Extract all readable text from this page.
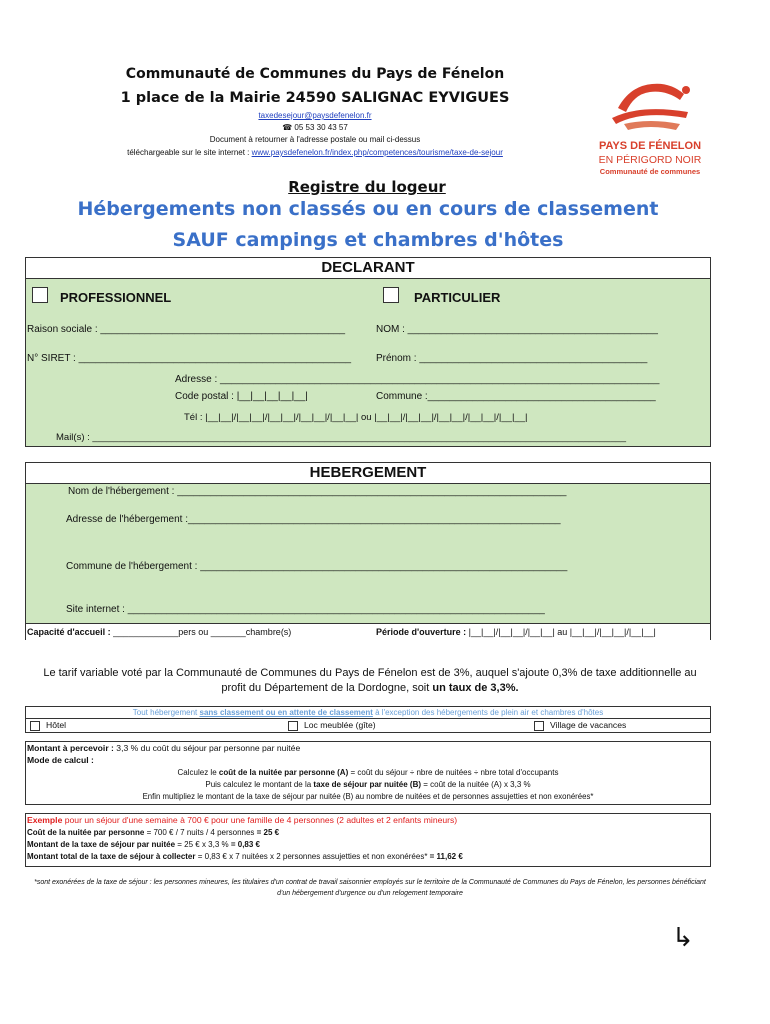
Communauté de Communes du Pays de Fénelon
1 place de la Mairie 24590 SALIGNAC EYVIGUES
taxedesejour@paysdefenelon.fr
☎ 05 53 30 43 57
Document à retourner à l'adresse postale ou mail ci-dessus
téléchargeable sur le site internet : www.paysdefenelon.fr/index.php/competences/tourisme/taxe-de-sejour
PAYS DE FÉNELON
EN PÉRIGORD NOIR
Communauté de communes
Registre du logeur
Hébergements non classés ou en cours de classement
SAUF campings et chambres d'hôtes
DECLARANT
PROFESSIONNEL	PARTICULIER
Raison sociale : ____________________________________________	NOM : _____________________________________________
N° SIRET : _________________________________________________ Prénom : _________________________________________
Adresse : _______________________________________________________________________________
Code postal : |__|__|__|__|__|	Commune :_________________________________________
Tél : |__|__|/|__|__|/|__|__|/|__|__|/|__|__| ou |__|__|/|__|__|/|__|__|/|__|__|/|__|__|
Mail(s) : _____________________________________________________________________________________________________
HEBERGEMENT
Nom de l'hébergement : ______________________________________________________________________
Adresse de l'hébergement :___________________________________________________________________
Commune de l'hébergement : __________________________________________________________________
Site internet : ___________________________________________________________________________
Capacité d'accueil : _____________pers ou _______chambre(s)	Période d'ouverture : |__|__|/|__|__|/|__|__| au |__|__|/|__|__|/|__|__|
Le tarif variable voté par la Communauté de Communes du Pays de Fénelon est de 3%, auquel s'ajoute 0,3% de taxe additionnelle au profit du Département de la Dordogne, soit un taux de 3,3%.
Tout hébergement sans classement ou en attente de classement à l'exception des hébergements de plein air et chambres d'hôtes
Hôtel	Loc meublée (gîte)	Village de vacances
Montant à percevoir : 3,3 % du coût du séjour par personne par nuitée
Mode de calcul :
Calculez le coût de la nuitée par personne (A) = coût du séjour ÷ nbre de nuitées ÷ nbre total d'occupants
Puis calculez le montant de la taxe de séjour par nuitée (B) = coût de la nuitée (A) x 3,3 %
Enfin multipliez le montant de la taxe de séjour par nuitée (B) au nombre de nuitées et de personnes assujetties et non exonérées*
Exemple pour un séjour d'une semaine à 700 € pour une famille de 4 personnes (2 adultes et 2 enfants mineurs)
Coût de la nuitée par personne = 700 € / 7 nuits / 4 personnes = 25 €
Montant de la taxe de séjour par nuitée = 25 € x 3,3 % = 0,83 €
Montant total de la taxe de séjour à collecter = 0,83 € x 7 nuitées x 2 personnes assujetties et non exonérées* = 11,62 €
*sont exonérées de la taxe de séjour : les personnes mineures, les titulaires d'un contrat de travail saisonnier employés sur le territoire de la Communauté de Communes du Pays de Fénelon, les personnes bénéficiant d'un hébergement d'urgence ou d'un relogement temporaire
↳
